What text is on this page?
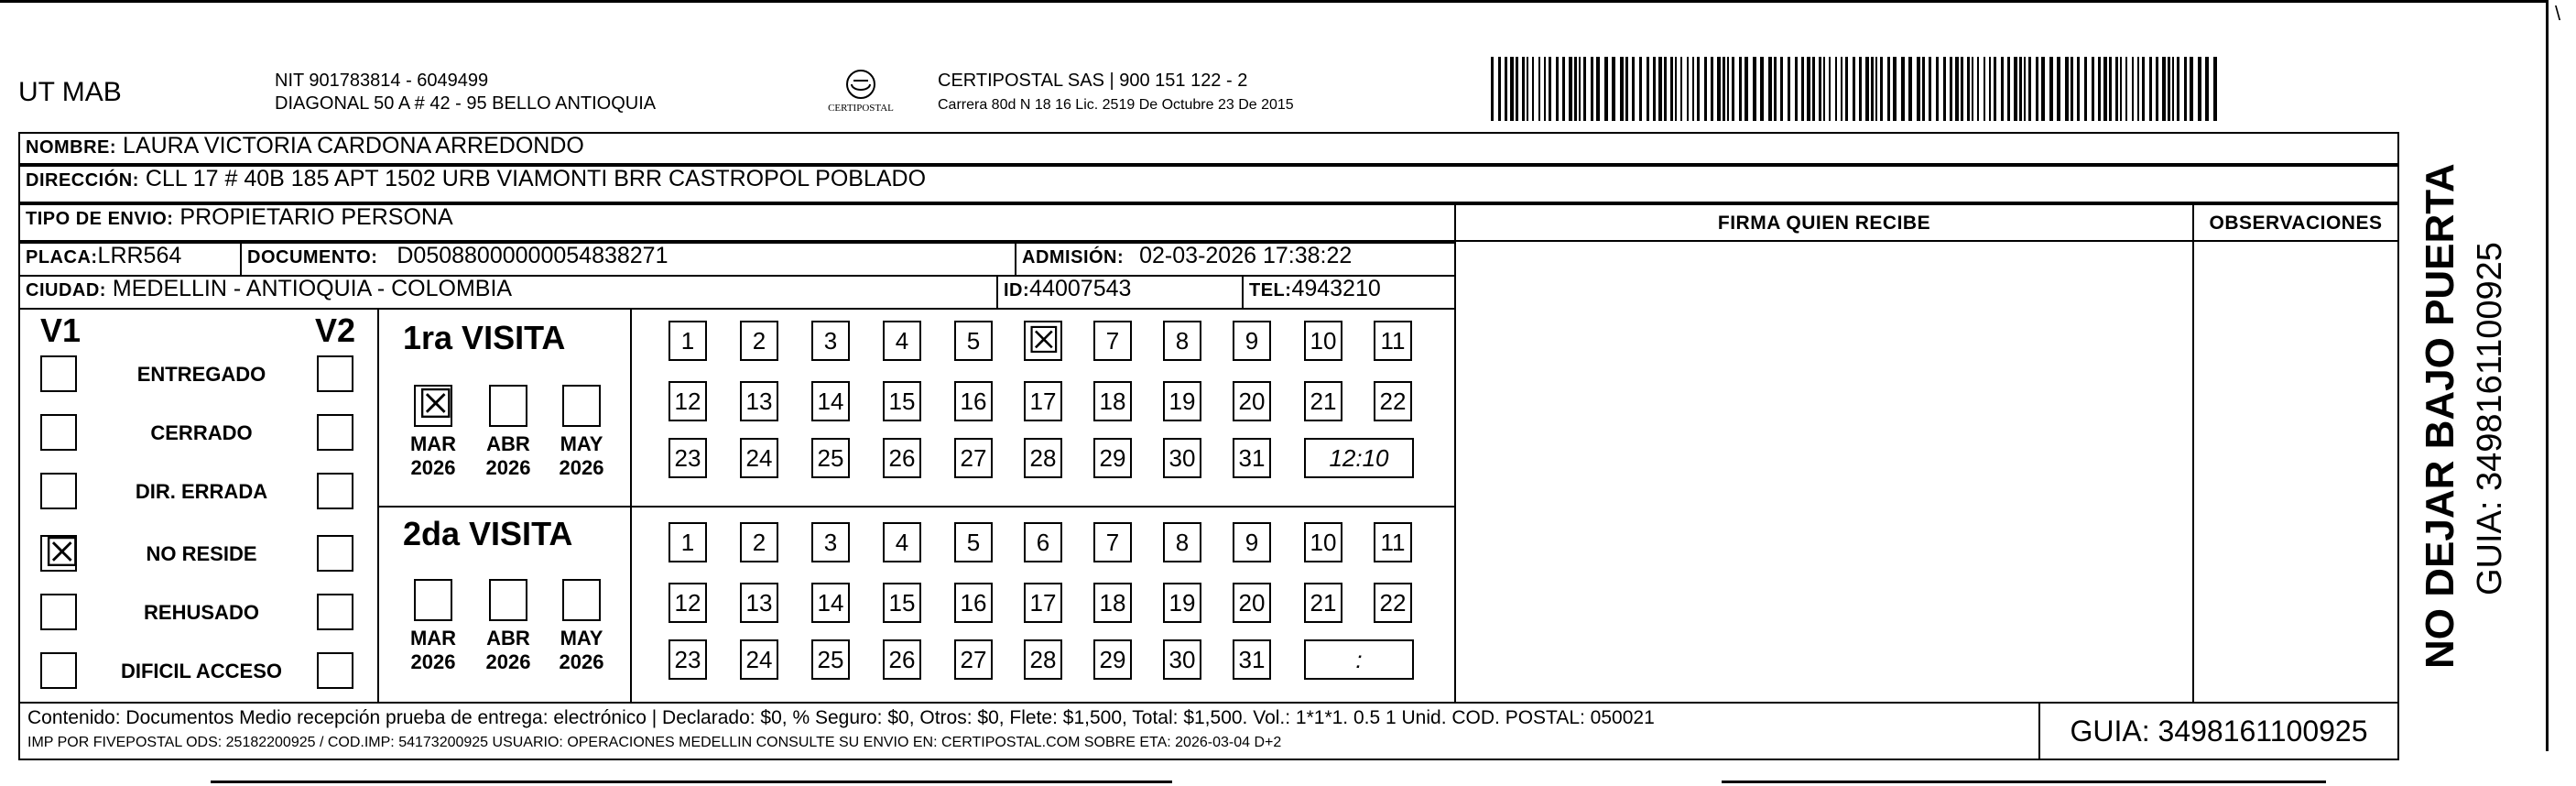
\
UT MAB	NIT 901783814 - 6049499
DIAGONAL 50 A # 42 - 95 BELLO ANTIOQUIA	CERTIPOSTAL
CERTIPOSTAL SAS | 900 151 122 - 2
Carrera 80d N 18 16 Lic. 2519 De Octubre 23 De 2015
NOMBRE: LAURA VICTORIA CARDONA ARREDONDO
DIRECCIÓN: CLL 17 # 40B 185 APT 1502 URB VIAMONTI BRR CASTROPOL POBLADO
TIPO DE ENVIO: PROPIETARIO PERSONA
PLACA:LRR564	DOCUMENTO: D05088000000054838271	ADMISIÓN: 02-03-2026 17:38:22
CIUDAD: MEDELLIN - ANTIOQUIA - COLOMBIA	ID:44007543	TEL:4943210
FIRMA QUIEN RECIBE	OBSERVACIONES
V1	V2 1ra VISITA
2da VISITA
Contenido: Documentos Medio recepción prueba de entrega: electrónico | Declarado: $0, % Seguro: $0, Otros: $0, Flete: $1,500, Total: $1,500. Vol.: 1*1*1. 0.5 1 Unid. COD. POSTAL: 050021
IMP POR FIVEPOSTAL ODS: 25182200925 / COD.IMP: 54173200925 USUARIO: OPERACIONES MEDELLIN CONSULTE SU ENVIO EN: CERTIPOSTAL.COM SOBRE ETA: 2026-03-04 D+2	GUIA: 3498161100925
NO DEJAR BAJO PUERTA GUIA: 3498161100925
ENTREGADO
CERRADO
DIR. ERRADA
☒	NO RESIDE
REHUSADO
DIFICIL ACCESO
1	2	3	4	5	☒	7	8	9	10 11
12 13 14 15 16 17 18 19 20 21 22
23 24 25 26 27 28 29 30 31	12:10
☒
MAR
2026
ABR
2026
MAY
2026
1	2	3	4	5	6	7	8	9	10 11
12 13 14 15 16 17 18 19 20 21 22
23 24 25 26 27 28 29 30 31	:
MAR
2026
ABR
2026
MAY
2026
